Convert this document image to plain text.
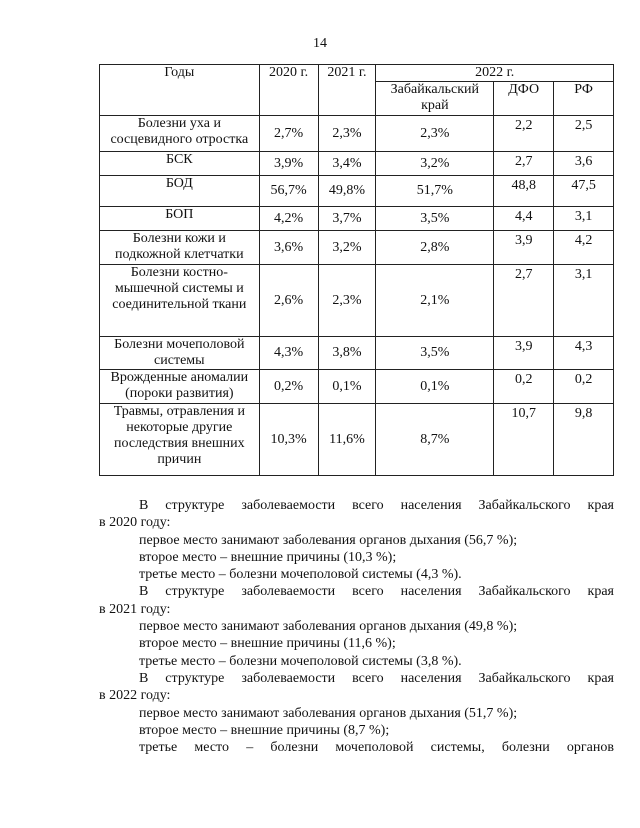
14
Годы	2020 г.	2021 г.	2022 г.		
			Забайкальский край	ДФО	РФ
Болезни уха и сосцевидного отростка	2,7%	2,3%	2,3%	2,2	2,5
БСК	3,9%	3,4%	3,2%	2,7	3,6
БОД	56,7%	49,8%	51,7%	48,8	47,5
БОП	4,2%	3,7%	3,5%	4,4	3,1
Болезни кожи и подкожной клетчатки	3,6%	3,2%	2,8%	3,9	4,2
Болезни костно-мышечной системы и соединительной ткани	2,6%	2,3%	2,1%	2,7	3,1
Болезни мочеполовой системы	4,3%	3,8%	3,5%	3,9	4,3
Врожденные аномалии (пороки развития)	0,2%	0,1%	0,1%	0,2	0,2
Травмы, отравления и некоторые другие последствия внешних причин	10,3%	11,6%	8,7%	10,7	9,8

В структуре заболеваемости всего населения Забайкальского края

в 2020 году:

первое место занимают заболевания органов дыхания (56,7 %);

второе место – внешние причины (10,3 %);

третье место – болезни мочеполовой системы (4,3 %).

В структуре заболеваемости всего населения Забайкальского края

в 2021 году:

первое место занимают заболевания органов дыхания (49,8 %);

второе место – внешние причины (11,6 %);

третье место – болезни мочеполовой системы (3,8 %).

В структуре заболеваемости всего населения Забайкальского края

в 2022 году:

первое место занимают заболевания органов дыхания (51,7 %);

второе место – внешние причины (8,7 %);

третье место – болезни мочеполовой системы, болезни органов
